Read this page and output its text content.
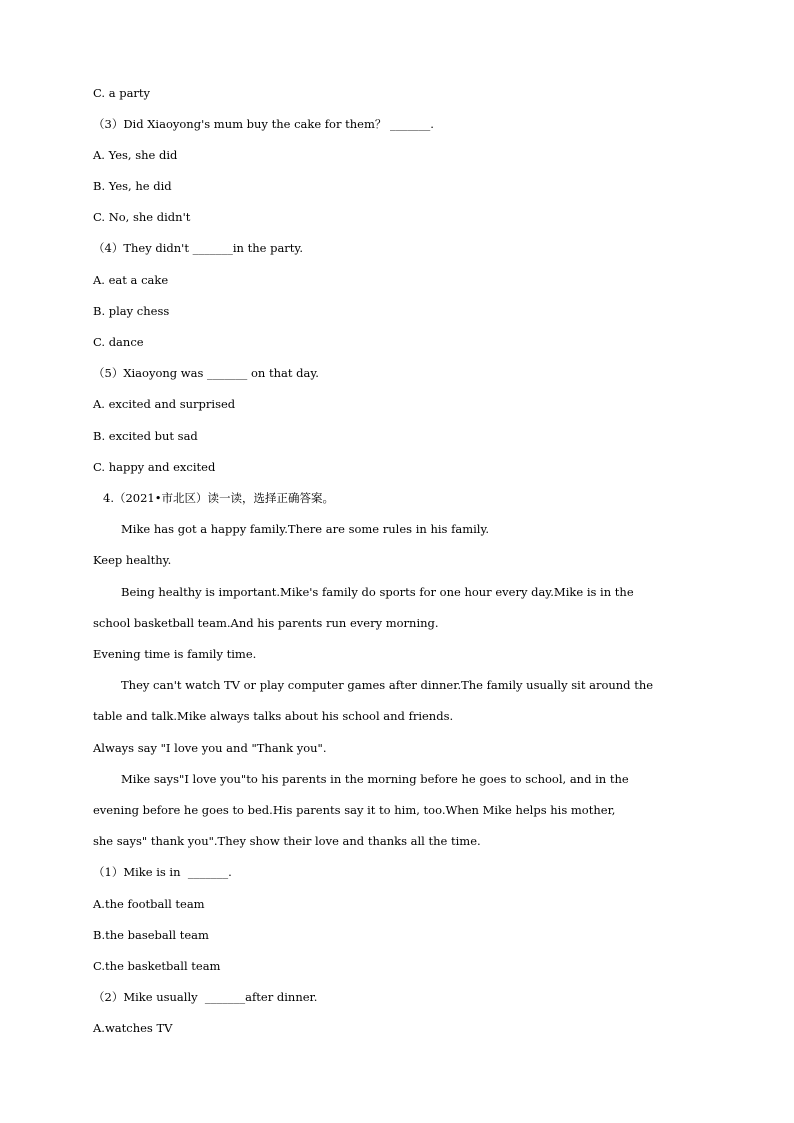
C. a party
（3）Did Xiaoyong's mum buy the cake for them？ _______.
A. Yes, she did
B. Yes, he did
C. No, she didn't
（4）They didn't _______in the party.
A. eat a cake
B. play chess
C. dance
（5）Xiaoyong was _______ on that day.
A. excited and surprised
B. excited but sad
C. happy and excited
4.（2021•市北区）读一读，选择正确答案。
Mike has got a happy family.There are some rules in his family.
Keep healthy.
Being healthy is important.Mike's family do sports for one hour every day.Mike is in the
school basketball team.And his parents run every morning.
Evening time is family time.
They can't watch TV or play computer games after dinner.The family usually sit around the
table and talk.Mike always talks about his school and friends.
Always say "I love you and "Thank you".
Mike says"I love you"to his parents in the morning before he goes to school, and in the
evening before he goes to bed.His parents say it to him, too.When Mike helps his mother,
she says" thank you".They show their love and thanks all the time.
（1）Mike is in  _______.
A.the football team
B.the baseball team
C.the basketball team
（2）Mike usually  _______after dinner.
A.watches TV
